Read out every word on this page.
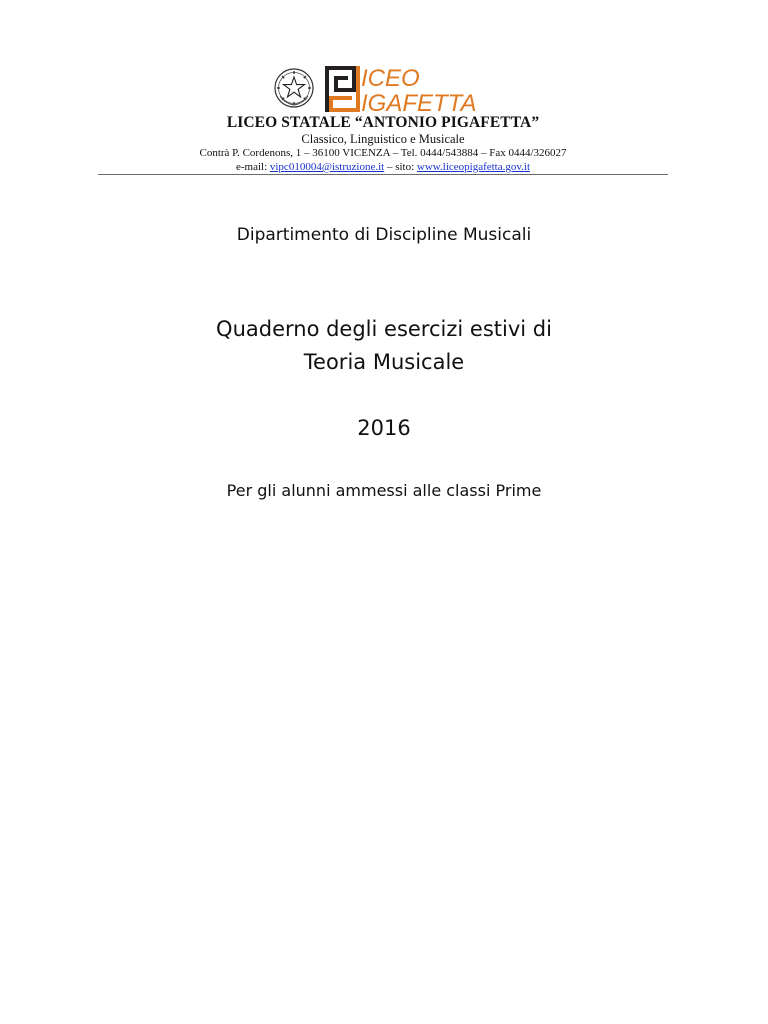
ICEO
IGAFETTA
LICEO STATALE “ANTONIO PIGAFETTA”
Classico, Linguistico e Musicale
Contrà P. Cordenons, 1 – 36100 VICENZA – Tel. 0444/543884 – Fax 0444/326027
e-mail: vipc010004@istruzione.it – sito: www.liceopigafetta.gov.it
Dipartimento di Discipline Musicali
Quaderno degli esercizi estivi di
Teoria Musicale
2016
Per gli alunni ammessi alle classi Prime
